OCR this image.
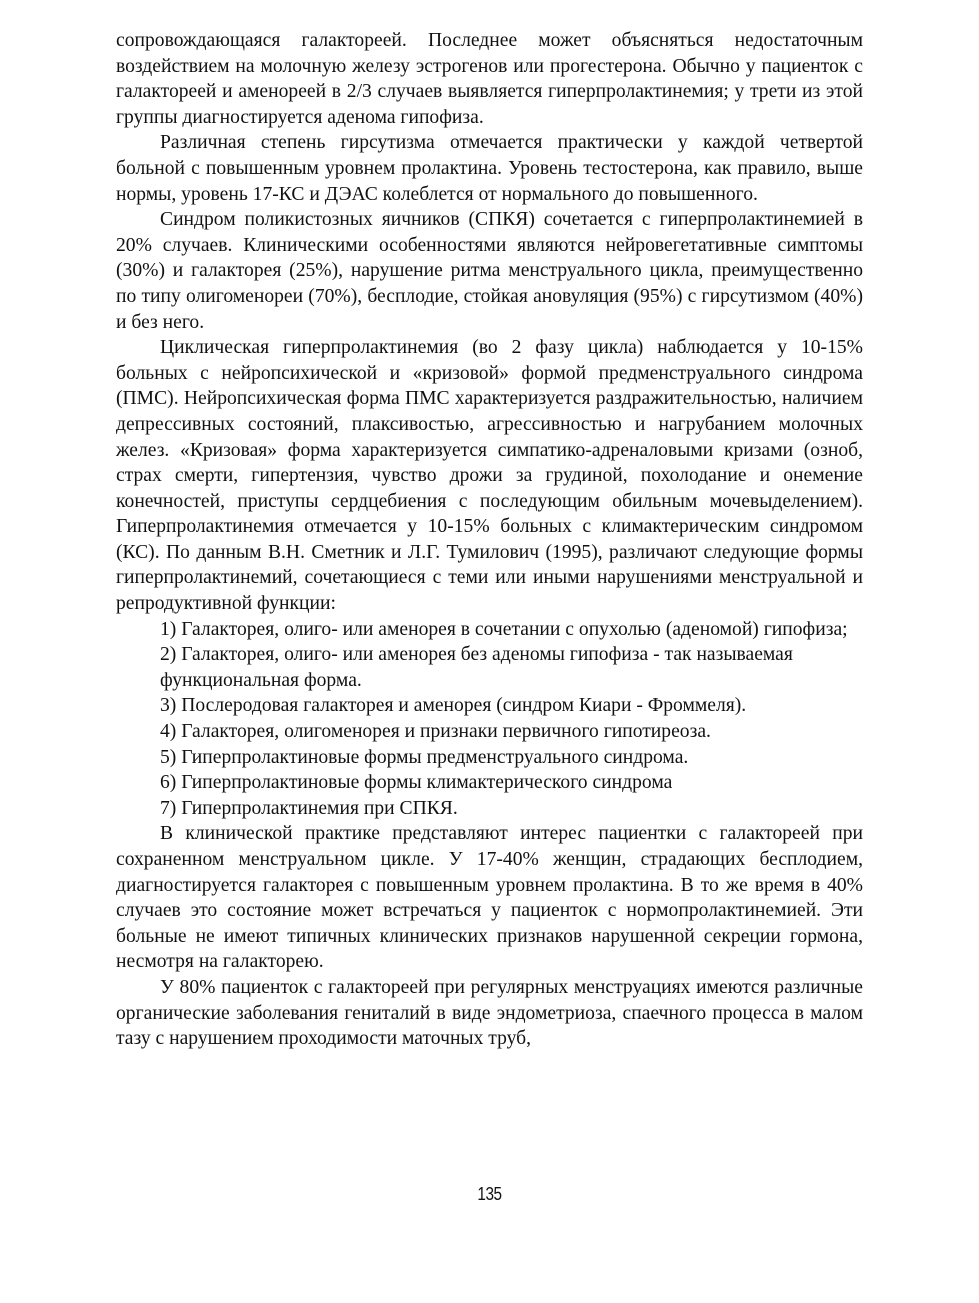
сопровождающаяся галактореей. Последнее может объясняться недостаточным воздействием на молочную железу эстрогенов или прогестерона. Обычно у пациенток с галактореей и аменореей в 2/3 случаев выявляется гиперпролактинемия; у трети из этой группы диагностируется аденома гипофиза.

Различная степень гирсутизма отмечается практически у каждой четвертой больной с повышенным уровнем пролактина. Уровень тестостерона, как правило, выше нормы, уровень 17-КС и ДЭАС колеблется от нормального до повышенного.

Синдром поликистозных яичников (СПКЯ) сочетается с гиперпролактинемией в 20% случаев. Клиническими особенностями являются нейровегетативные симптомы (30%) и галакторея (25%), нарушение ритма менструального цикла, преимущественно по типу олигоменореи (70%), бесплодие, стойкая ановуляция (95%) с гирсутизмом (40%) и без него.

Циклическая гиперпролактинемия (во 2 фазу цикла) наблюдается у 10-15% больных с нейропсихической и «кризовой» формой предменструального синдрома (ПМС). Нейропсихическая форма ПМС характеризуется раздражительностью, наличием депрессивных состояний, плаксивостью, агрессивностью и нагрубанием молочных желез. «Кризовая» форма характеризуется симпатико-адреналовыми кризами (озноб, страх смерти, гипертензия, чувство дрожи за грудиной, похолодание и онемение конечностей, приступы сердцебиения с последующим обильным мочевыделением). Гиперпролактинемия отмечается у 10-15% больных с климактерическим синдромом (КС). По данным В.Н. Сметник и Л.Г. Тумилович (1995), различают следующие формы гиперпролактинемий, сочетающиеся с теми или иными нарушениями менструальной и репродуктивной функции:

1) Галакторея, олиго- или аменорея в сочетании с опухолью (аденомой) гипофиза;

2) Галакторея, олиго- или аменорея без аденомы гипофиза - так называемая функциональная форма.

3) Послеродовая галакторея и аменорея (синдром Киари - Фроммеля).

4) Галакторея, олигоменорея и признаки первичного гипотиреоза.

5) Гиперпролактиновые формы предменструального синдрома.

6) Гиперпролактиновые формы климактерического синдрома

7) Гиперпролактинемия при СПКЯ.

В клинической практике представляют интерес пациентки с галактореей при сохраненном менструальном цикле. У 17-40% женщин, страдающих бесплодием, диагностируется галакторея с повышенным уровнем пролактина. В то же время в 40% случаев это состояние может встречаться у пациенток с нормопролактинемией. Эти больные не имеют типичных клинических признаков нарушенной секреции гормона, несмотря на галакторею.

У 80% пациенток с галактореей при регулярных менструациях имеются различные органические заболевания гениталий в виде эндометриоза, спаечного процесса в малом тазу с нарушением проходимости маточных труб,

135
